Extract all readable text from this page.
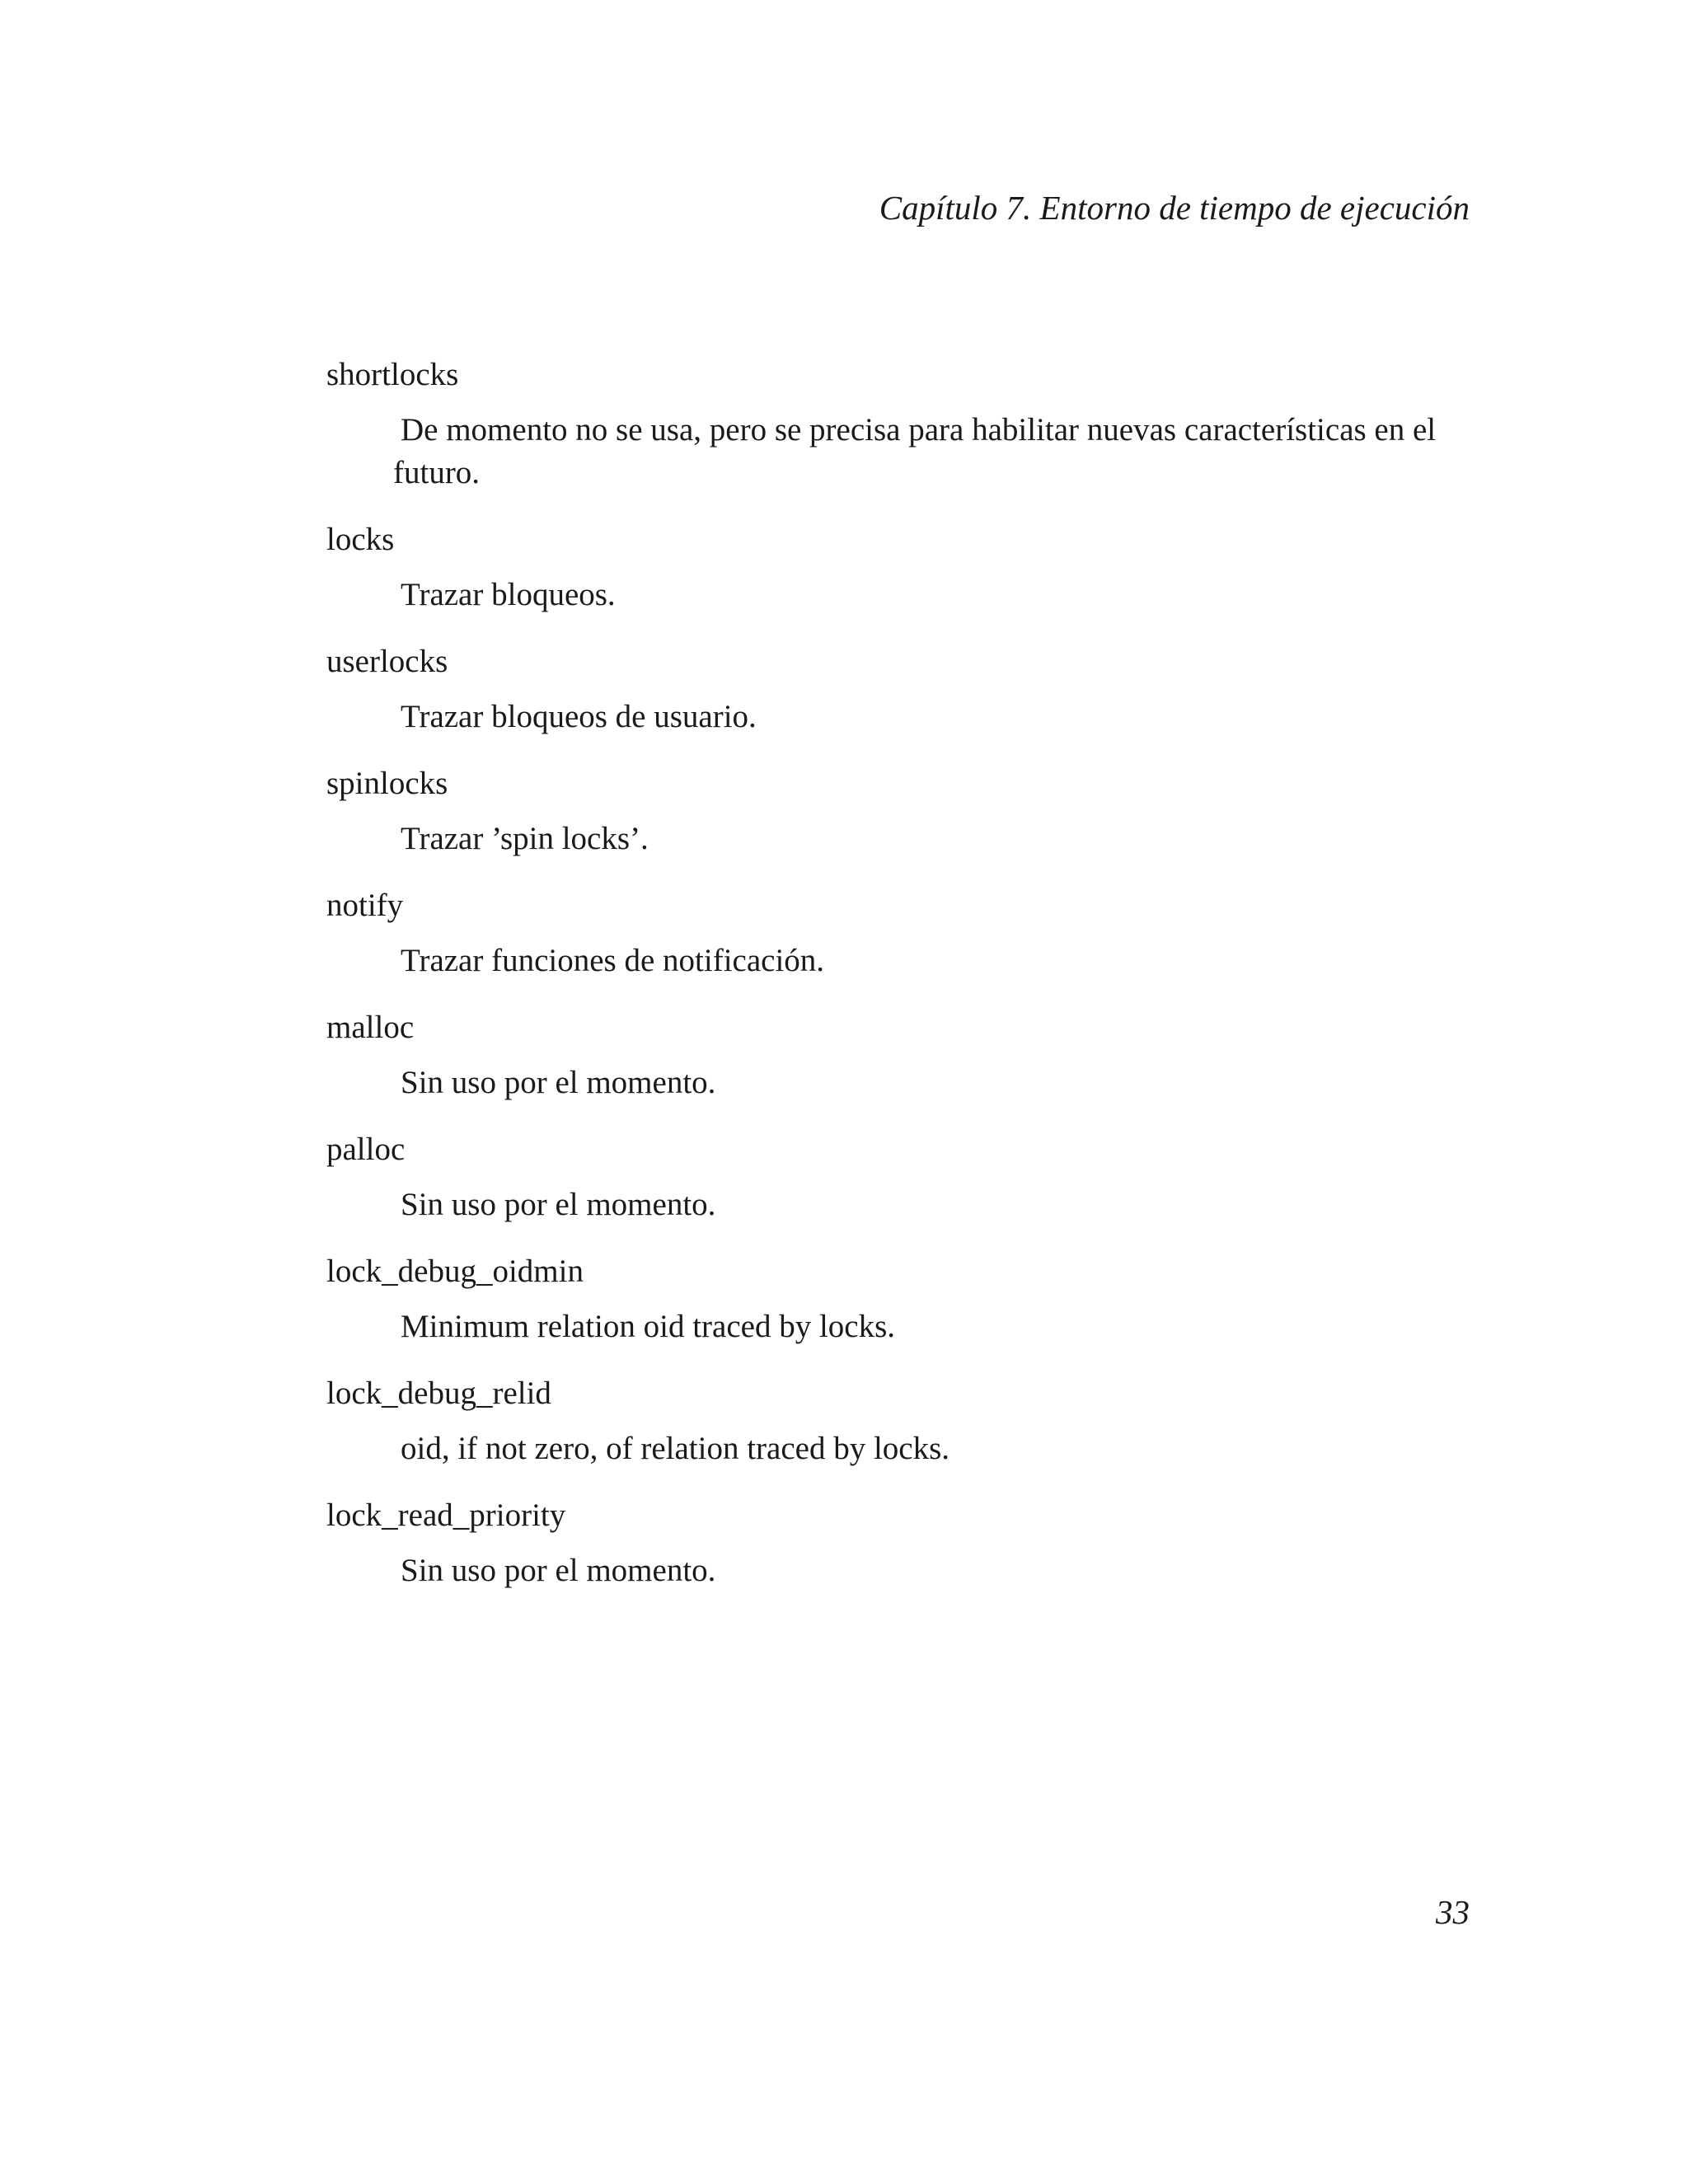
Capítulo 7. Entorno de tiempo de ejecución

shortlocks

De momento no se usa, pero se precisa para habilitar nuevas características en el futuro.

locks

Trazar bloqueos.

userlocks

Trazar bloqueos de usuario.

spinlocks

Trazar ’spin locks’.

notify

Trazar funciones de notificación.

malloc

Sin uso por el momento.

palloc

Sin uso por el momento.

lock_debug_oidmin

Minimum relation oid traced by locks.

lock_debug_relid

oid, if not zero, of relation traced by locks.

lock_read_priority

Sin uso por el momento.

33
